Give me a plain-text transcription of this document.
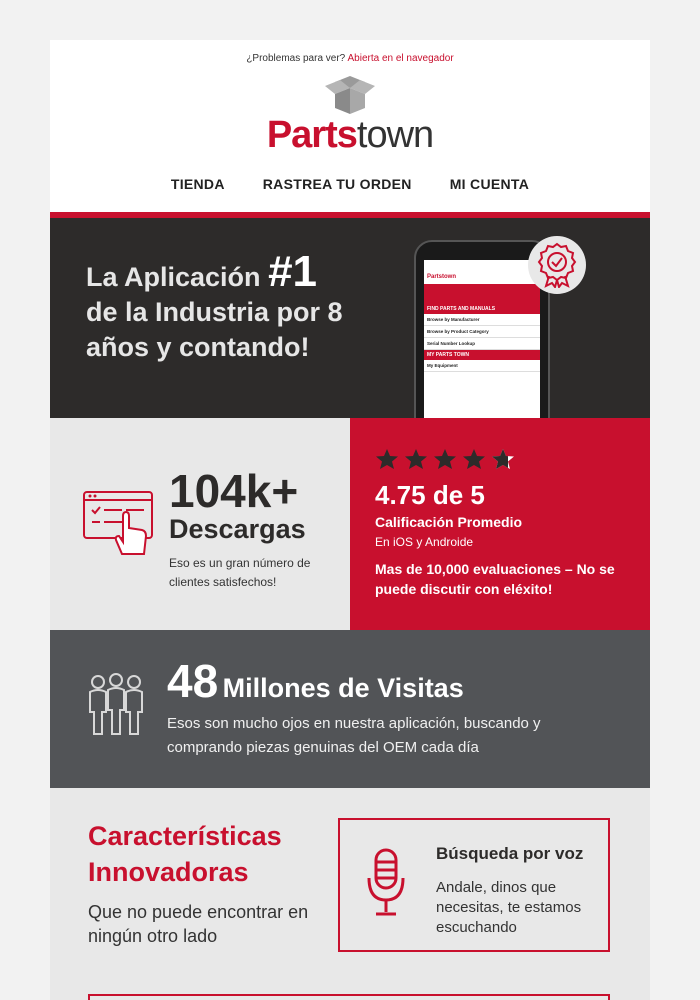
¿Problemas para ver? Abierta en el navegador
Partstown
TIENDA	RASTREA TU ORDEN	MI CUENTA
La Aplicación #1
de la Industria por 8
años y contando!
Partstown
FIND PARTS AND MANUALS
Browse by Manufacturer
Browse by Product Category
Serial Number Lookup
MY PARTS TOWN
My Equipment
104k+
Descargas
Eso es un gran número de clientes satisfechos!
4.75 de 5
Calificación Promedio
En iOS y Androide
Mas de 10,000 evaluaciones – No se puede discutir con eléxito!
48 Millones de Visitas
Esos son mucho ojos en nuestra aplicación, buscando y comprando piezas genuinas del OEM cada día
Características Innovadoras
Que no puede encontrar en ningún otro lado
Búsqueda por voz
Andale, dinos que necesitas, te estamos escuchando
